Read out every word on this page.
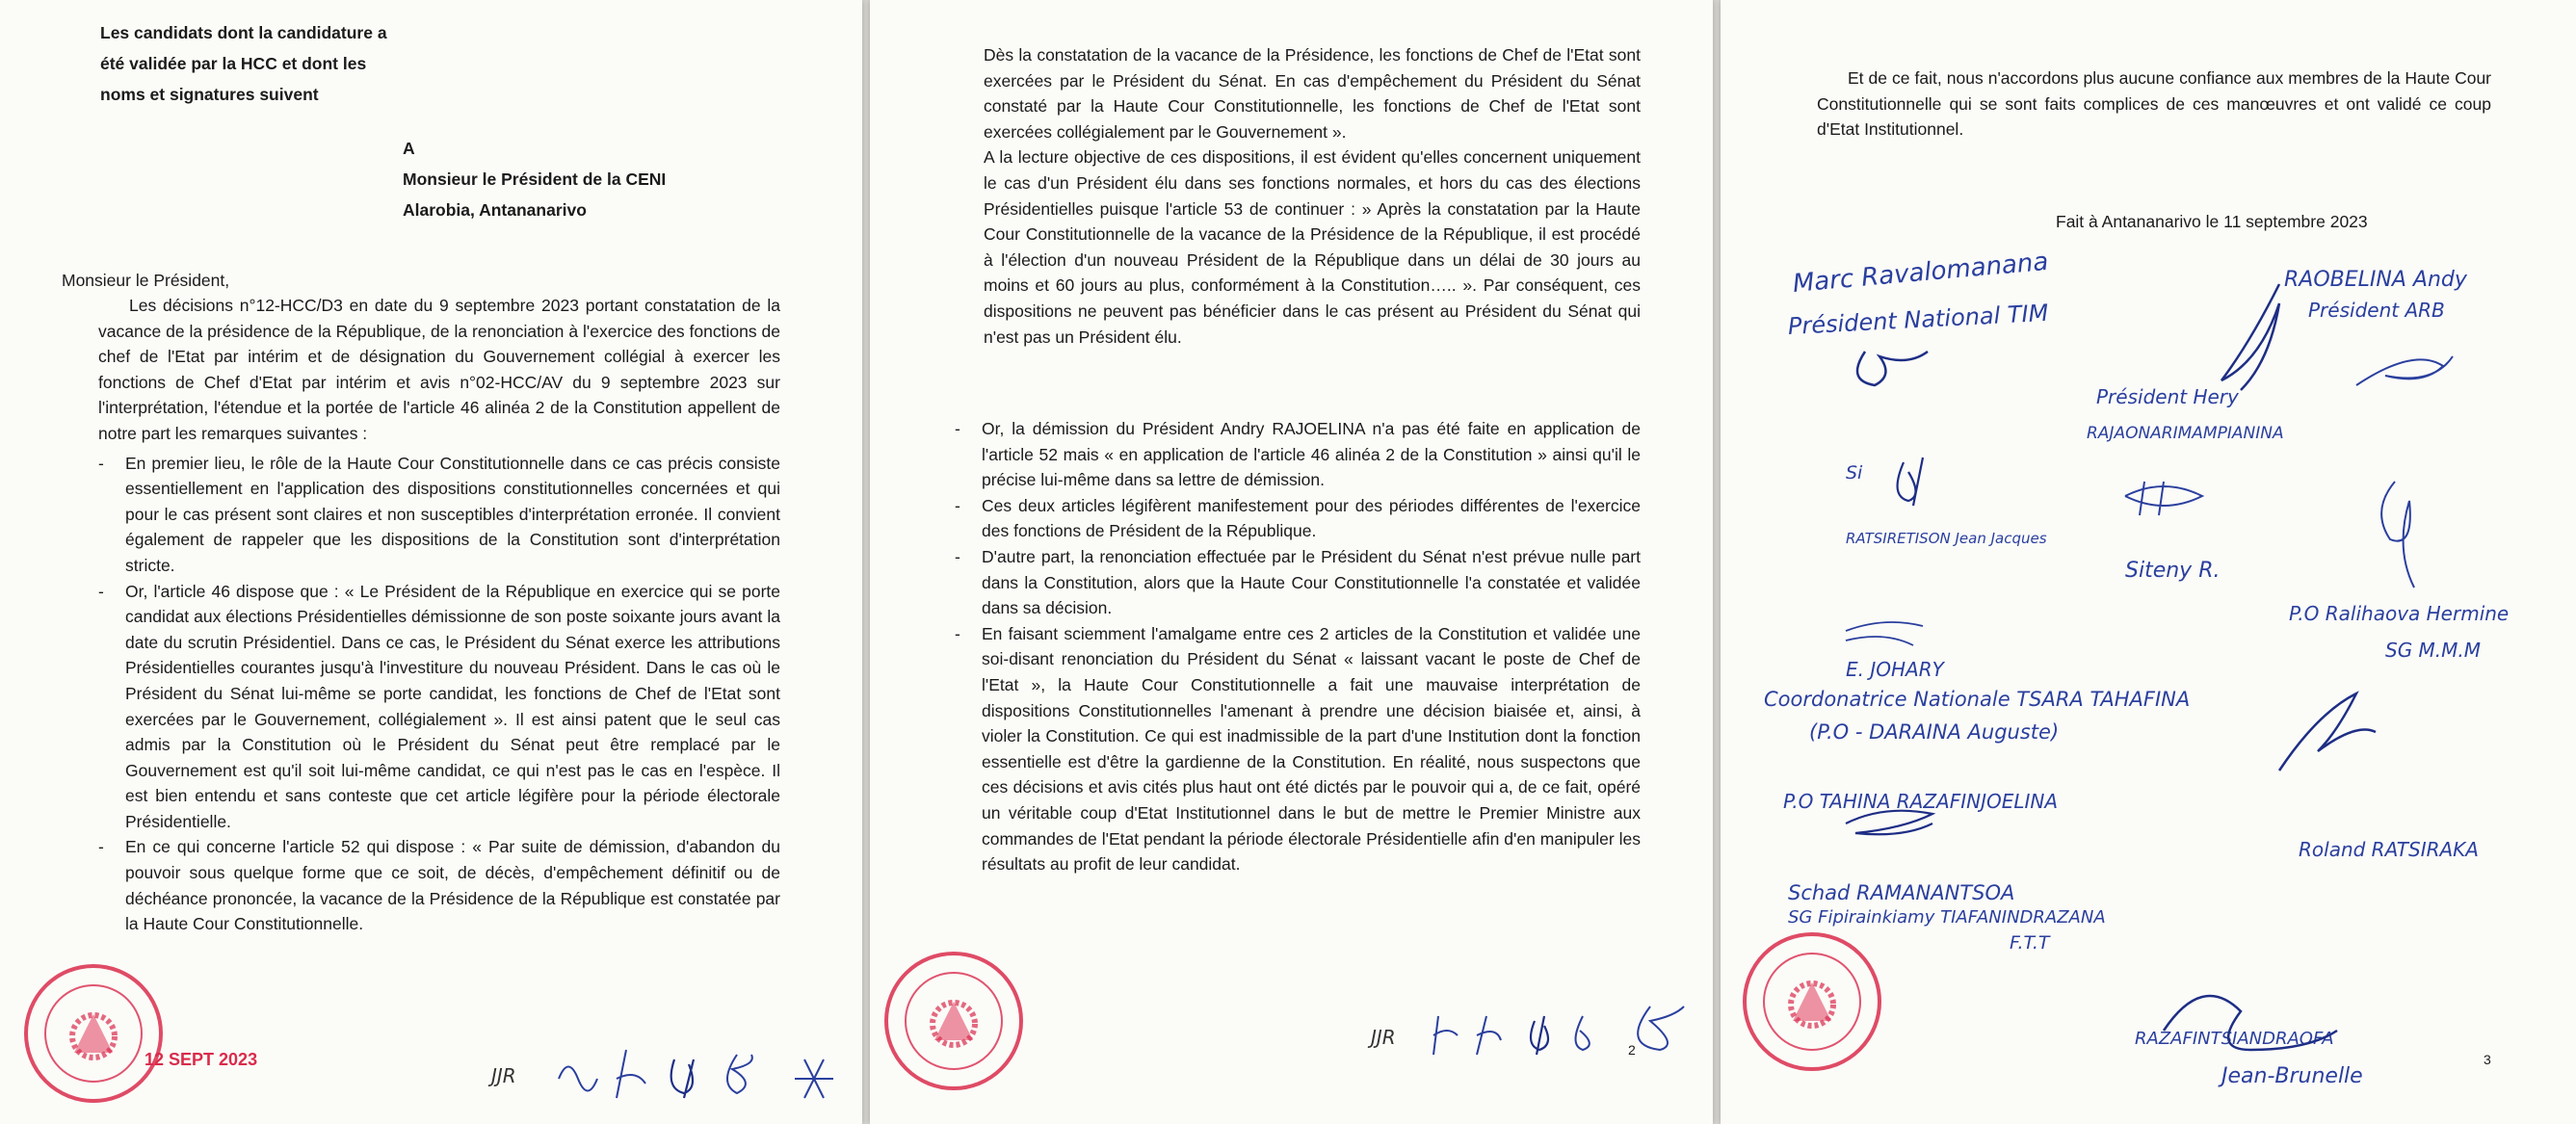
Les candidats dont la candidature a
été validée par la HCC et dont les
noms et signatures suivent
A
Monsieur le Président de la CENI
Alarobia, Antananarivo
Monsieur le Président,

Les décisions n°12-HCC/D3 en date du 9 septembre 2023 portant constatation de la vacance de la présidence de la République, de la renonciation à l'exercice des fonctions de chef de l'Etat par intérim et de désignation du Gouvernement collégial à exercer les fonctions de Chef d'Etat par intérim et avis n°02-HCC/AV du 9 septembre 2023 sur l'interprétation, l'étendue et la portée de l'article 46 alinéa 2 de la Constitution appellent de notre part les remarques suivantes :

- En premier lieu, le rôle de la Haute Cour Constitutionnelle dans ce cas précis consiste essentiellement en l'application des dispositions constitutionnelles concernées et qui pour le cas présent sont claires et non susceptibles d'interprétation erronée. Il convient également de rappeler que les dispositions de la Constitution sont d'interprétation stricte.

- Or, l'article 46 dispose que : « Le Président de la République en exercice qui se porte candidat aux élections Présidentielles démissionne de son poste soixante jours avant la date du scrutin Présidentiel. Dans ce cas, le Président du Sénat exerce les attributions Présidentielles courantes jusqu'à l'investiture du nouveau Président. Dans le cas où le Président du Sénat lui-même se porte candidat, les fonctions de Chef de l'Etat sont exercées par le Gouvernement, collégialement ». Il est ainsi patent que le seul cas admis par la Constitution où le Président du Sénat peut être remplacé par le Gouvernement est qu'il soit lui-même candidat, ce qui n'est pas le cas en l'espèce. Il est bien entendu et sans conteste que cet article légifère pour la période électorale Présidentielle.

- En ce qui concerne l'article 52 qui dispose : « Par suite de démission, d'abandon du pouvoir sous quelque forme que ce soit, de décès, d'empêchement définitif ou de déchéance prononcée, la vacance de la Présidence de la République est constatée par la Haute Cour Constitutionnelle.

12 SEPT 2023
JJR

Dès la constatation de la vacance de la Présidence, les fonctions de Chef de l'Etat sont exercées par le Président du Sénat. En cas d'empêchement du Président du Sénat constaté par la Haute Cour Constitutionnelle, les fonctions de Chef de l'Etat sont exercées collégialement par le Gouvernement ».

A la lecture objective de ces dispositions, il est évident qu'elles concernent uniquement le cas d'un Président élu dans ses fonctions normales, et hors du cas des élections Présidentielles puisque l'article 53 de continuer : » Après la constatation par la Haute Cour Constitutionnelle de la vacance de la Présidence de la République, il est procédé à l'élection d'un nouveau Président de la République dans un délai de 30 jours au moins et 60 jours au plus, conformément à la Constitution….. ». Par conséquent, ces dispositions ne peuvent pas bénéficier dans le cas présent au Président du Sénat qui n'est pas un Président élu.

- Or, la démission du Président Andry RAJOELINA n'a pas été faite en application de l'article 52 mais « en application de l'article 46 alinéa 2 de la Constitution » ainsi qu'il le précise lui-même dans sa lettre de démission.

- Ces deux articles légifèrent manifestement pour des périodes différentes de l'exercice des fonctions de Président de la République.

- D'autre part, la renonciation effectuée par le Président du Sénat n'est prévue nulle part dans la Constitution, alors que la Haute Cour Constitutionnelle l'a constatée et validée dans sa décision.

- En faisant sciemment l'amalgame entre ces 2 articles de la Constitution et validée une soi-disant renonciation du Président du Sénat « laissant vacant le poste de Chef de l'Etat », la Haute Cour Constitutionnelle a fait une mauvaise interprétation de dispositions Constitutionnelles l'amenant à prendre une décision biaisée et, ainsi, à violer la Constitution. Ce qui est inadmissible de la part d'une Institution dont la fonction essentielle est d'être la gardienne de la Constitution. En réalité, nous suspectons que ces décisions et avis cités plus haut ont été dictés par le pouvoir qui a, de ce fait, opéré un véritable coup d'Etat Institutionnel dans le but de mettre le Premier Ministre aux commandes de l'Etat pendant la période électorale Présidentielle afin d'en manipuler les résultats au profit de leur candidat.

JJR
2

Et de ce fait, nous n'accordons plus aucune confiance aux membres de la Haute Cour Constitutionnelle qui se sont faits complices de ces manœuvres et ont validé ce coup d'Etat Institutionnel.

Fait à Antananarivo le 11 septembre 2023
Marc Ravalomanana
Président National TIM
RAOBELINA Andy
Président ARB
Président Hery
RAJAONARIMAMPIANINA
Si
RATSIRETISON Jean Jacques
Siteny R.
P.O Ralihaova Hermine
SG M.M.M
E. JOHARY
Coordonatrice Nationale TSARA TAHAFINA
(P.O - DARAINA Auguste)
P.O TAHINA RAZAFINJOELINA
Roland RATSIRAKA
Schad RAMANANTSOA
SG Fipirainkiamy TIAFANINDRAZANA
F.T.T
RAZAFINTSIANDRAOFA
Jean-Brunelle
3
